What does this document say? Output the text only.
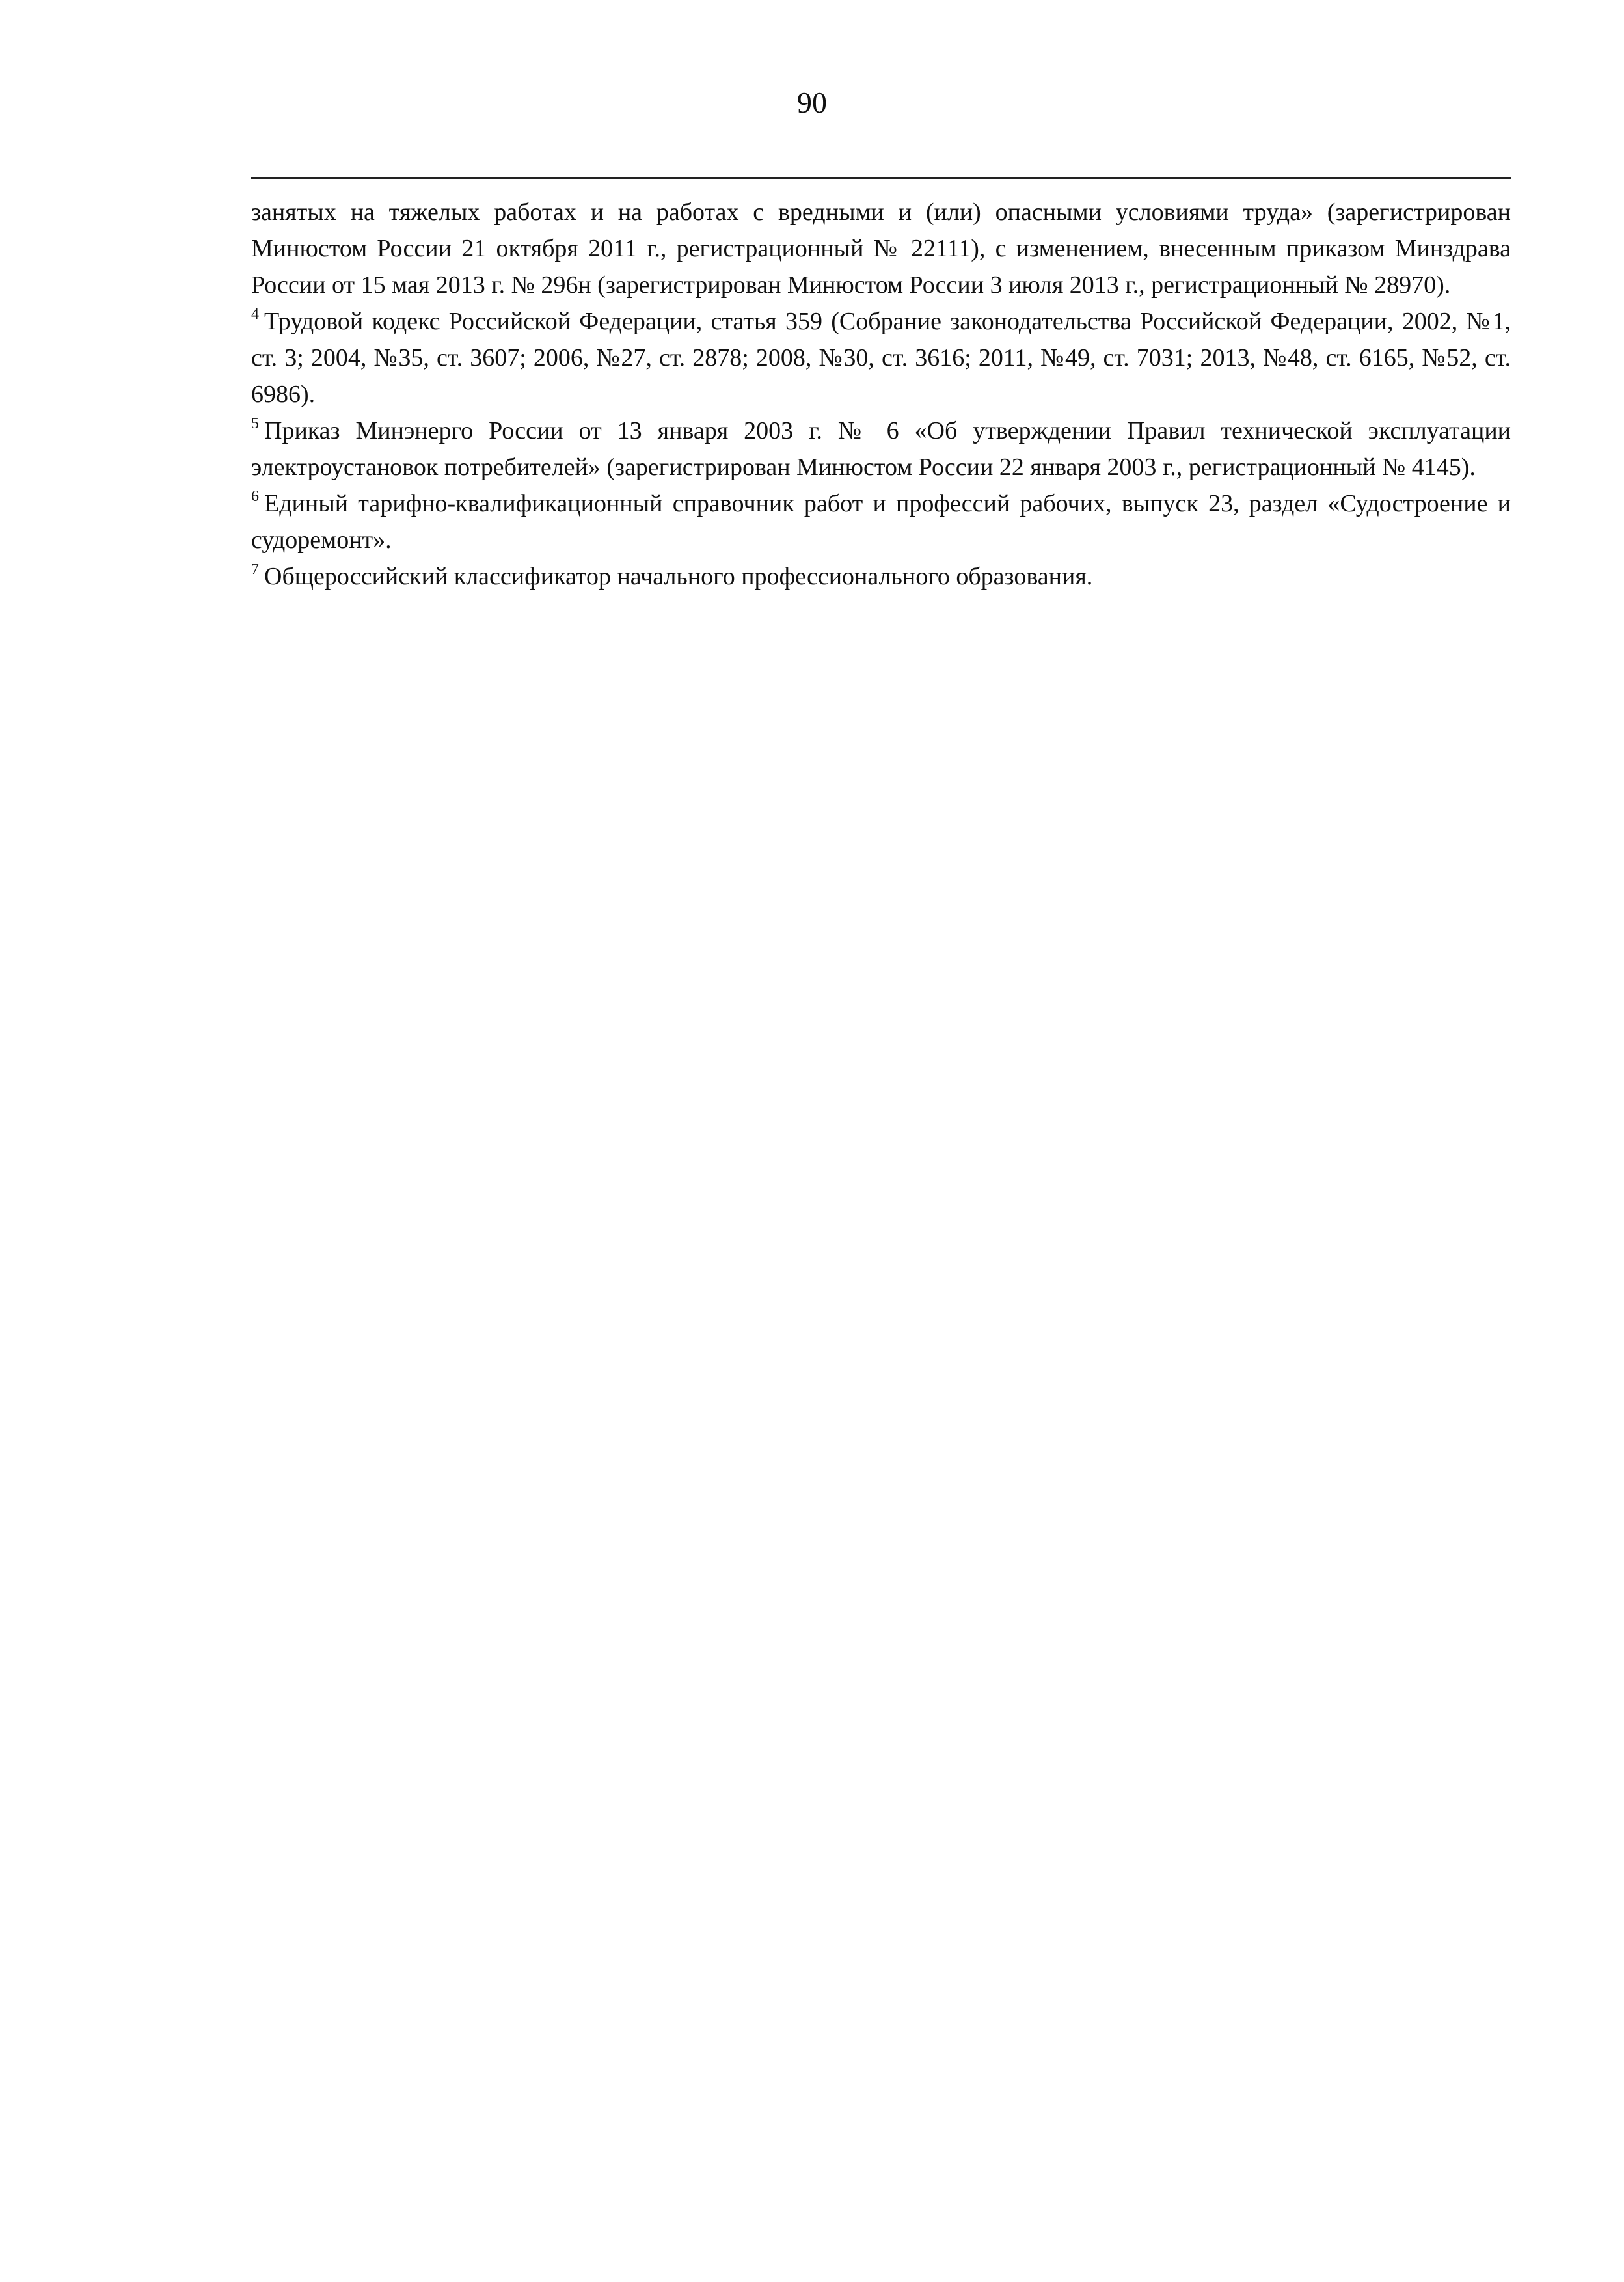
90

занятых на тяжелых работах и на работах с вредными и (или) опасными условиями труда» (зарегистрирован Минюстом России 21 октября 2011 г., регистрационный № 22111), с изменением, внесенным приказом Минздрава России от 15 мая 2013 г. № 296н (зарегистрирован Минюстом России 3 июля 2013 г., регистрационный № 28970).

$^4$ Трудовой кодекс Российской Федерации, статья 359 (Собрание законодательства Российской Федерации, 2002, №1, ст. 3; 2004, №35, ст. 3607; 2006, №27, ст. 2878; 2008, №30, ст. 3616; 2011, №49, ст. 7031; 2013, №48, ст. 6165, №52, ст. 6986).

$^5$ Приказ Минэнерго России от 13 января 2003 г. № 6 «Об утверждении Правил технической эксплуатации электроустановок потребителей» (зарегистрирован Минюстом России 22 января 2003 г., регистрационный № 4145).

$^6$ Единый тарифно-квалификационный справочник работ и профессий рабочих, выпуск 23, раздел «Судостроение и судоремонт».

$^7$ Общероссийский классификатор начального профессионального образования.
